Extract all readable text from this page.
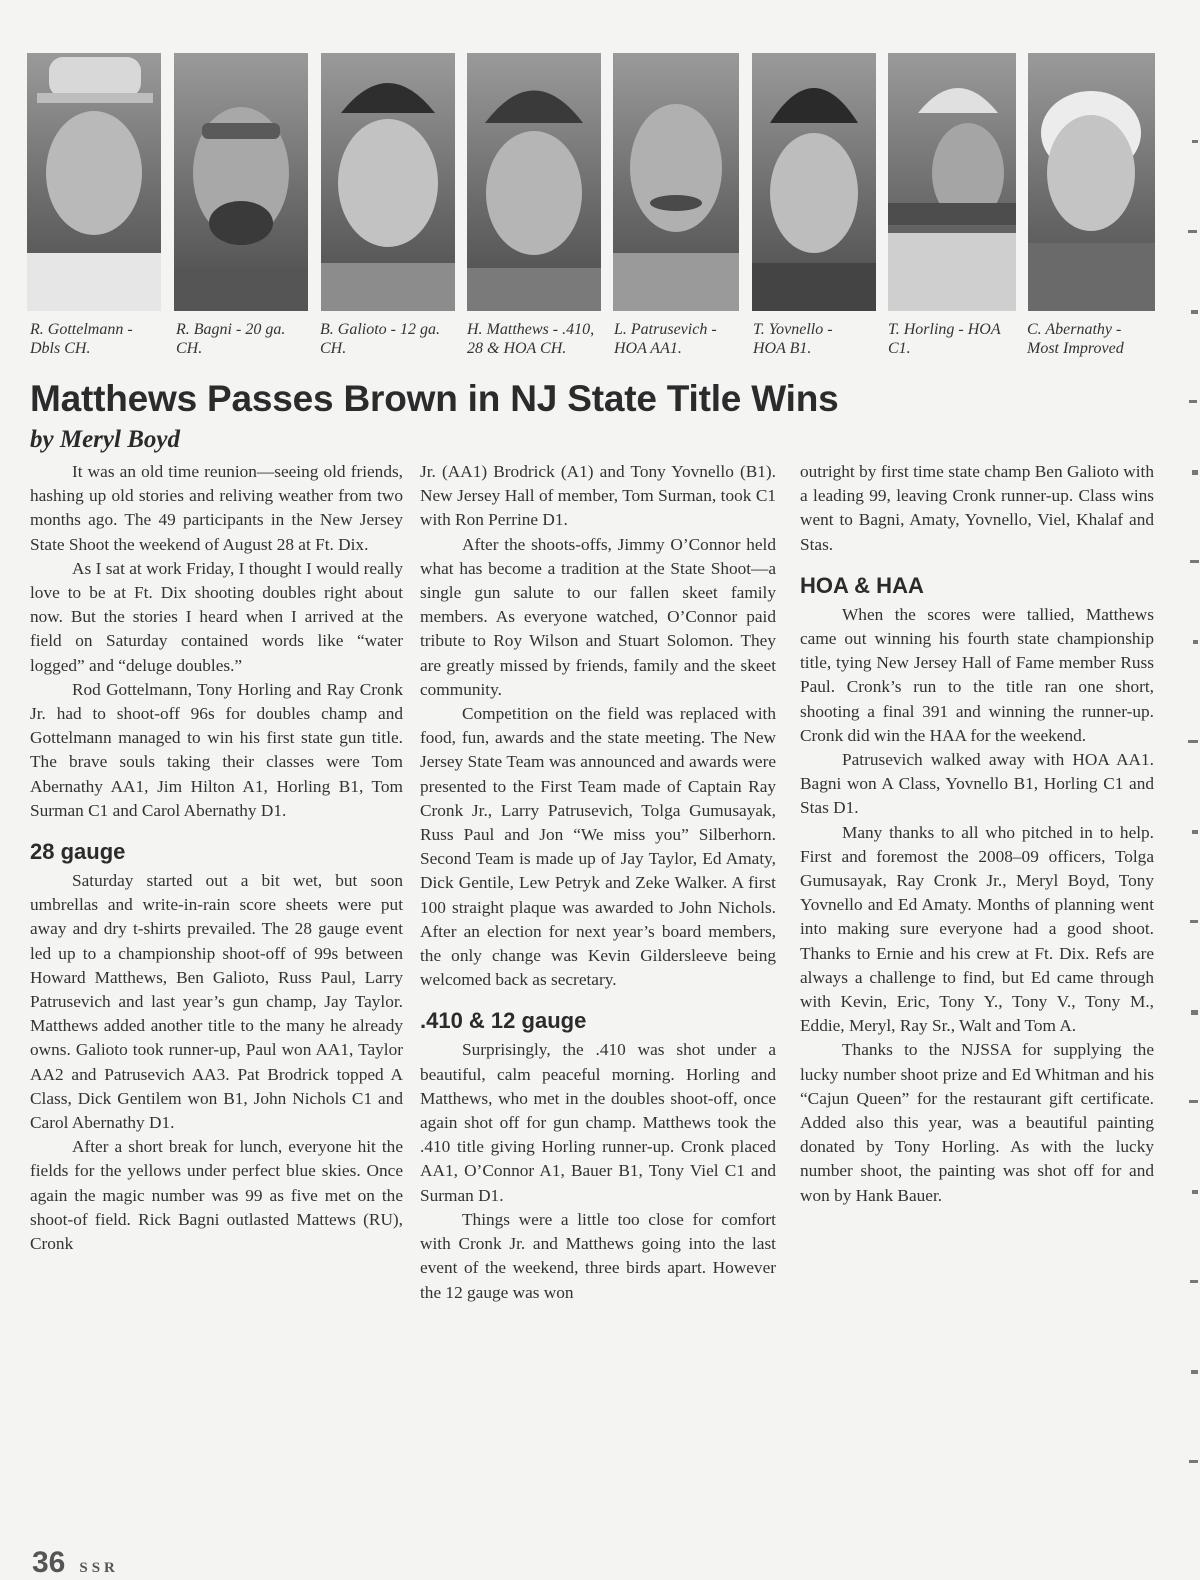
R. Gottelmann - Dbls CH.
R. Bagni - 20 ga. CH.
B. Galioto - 12 ga. CH.
H. Matthews - .410, 28 & HOA CH.
L. Patrusevich - HOA AA1.
T. Yovnello - HOA B1.
T. Horling - HOA C1.
C. Abernathy - Most Improved
Matthews Passes Brown in NJ State Title Wins
by Meryl Boyd

It was an old time reunion—seeing old friends, hashing up old stories and reliving weather from two months ago. The 49 participants in the New Jersey State Shoot the weekend of August 28 at Ft. Dix.

As I sat at work Friday, I thought I would really love to be at Ft. Dix shooting doubles right about now. But the stories I heard when I arrived at the field on Saturday contained words like “water logged” and “deluge doubles.”

Rod Gottelmann, Tony Horling and Ray Cronk Jr. had to shoot-off 96s for doubles champ and Gottelmann managed to win his first state gun title. The brave souls taking their classes were Tom Abernathy AA1, Jim Hilton A1, Horling B1, Tom Surman C1 and Carol Abernathy D1.

28 gauge

Saturday started out a bit wet, but soon umbrellas and write-in-rain score sheets were put away and dry t-shirts prevailed. The 28 gauge event led up to a championship shoot-off of 99s between Howard Matthews, Ben Galioto, Russ Paul, Larry Patrusevich and last year’s gun champ, Jay Taylor. Matthews added another title to the many he already owns. Galioto took runner-up, Paul won AA1, Taylor AA2 and Patrusevich AA3. Pat Brodrick topped A Class, Dick Gentilem won B1, John Nichols C1 and Carol Abernathy D1.

After a short break for lunch, everyone hit the fields for the yellows under perfect blue skies. Once again the magic number was 99 as five met on the shoot-of field. Rick Bagni outlasted Mattews (RU), Cronk

Jr. (AA1) Brodrick (A1) and Tony Yovnello (B1). New Jersey Hall of member, Tom Surman, took C1 with Ron Perrine D1.

After the shoots-offs, Jimmy O’Connor held what has become a tradition at the State Shoot—a single gun salute to our fallen skeet family members. As everyone watched, O’Connor paid tribute to Roy Wilson and Stuart Solomon. They are greatly missed by friends, family and the skeet community.

Competition on the field was replaced with food, fun, awards and the state meeting. The New Jersey State Team was announced and awards were presented to the First Team made of Captain Ray Cronk Jr., Larry Patrusevich, Tolga Gumusayak, Russ Paul and Jon “We miss you” Silberhorn. Second Team is made up of Jay Taylor, Ed Amaty, Dick Gentile, Lew Petryk and Zeke Walker. A first 100 straight plaque was awarded to John Nichols. After an election for next year’s board members, the only change was Kevin Gildersleeve being welcomed back as secretary.

.410 & 12 gauge

Surprisingly, the .410 was shot under a beautiful, calm peaceful morning. Horling and Matthews, who met in the doubles shoot-off, once again shot off for gun champ. Matthews took the .410 title giving Horling runner-up. Cronk placed AA1, O’Connor A1, Bauer B1, Tony Viel C1 and Surman D1.

Things were a little too close for comfort with Cronk Jr. and Matthews going into the last event of the weekend, three birds apart. However the 12 gauge was won

outright by first time state champ Ben Galioto with a leading 99, leaving Cronk runner-up. Class wins went to Bagni, Amaty, Yovnello, Viel, Khalaf and Stas.

HOA & HAA

When the scores were tallied, Matthews came out winning his fourth state championship title, tying New Jersey Hall of Fame member Russ Paul. Cronk’s run to the title ran one short, shooting a final 391 and winning the runner-up. Cronk did win the HAA for the weekend.

Patrusevich walked away with HOA AA1. Bagni won A Class, Yovnello B1, Horling C1 and Stas D1.

Many thanks to all who pitched in to help. First and foremost the 2008–09 officers, Tolga Gumusayak, Ray Cronk Jr., Meryl Boyd, Tony Yovnello and Ed Amaty. Months of planning went into making sure everyone had a good shoot. Thanks to Ernie and his crew at Ft. Dix. Refs are always a challenge to find, but Ed came through with Kevin, Eric, Tony Y., Tony V., Tony M., Eddie, Meryl, Ray Sr., Walt and Tom A.

Thanks to the NJSSA for supplying the lucky number shoot prize and Ed Whitman and his “Cajun Queen” for the restaurant gift certificate. Added also this year, was a beautiful painting donated by Tony Horling. As with the lucky number shoot, the painting was shot off for and won by Hank Bauer.

36 SSR
